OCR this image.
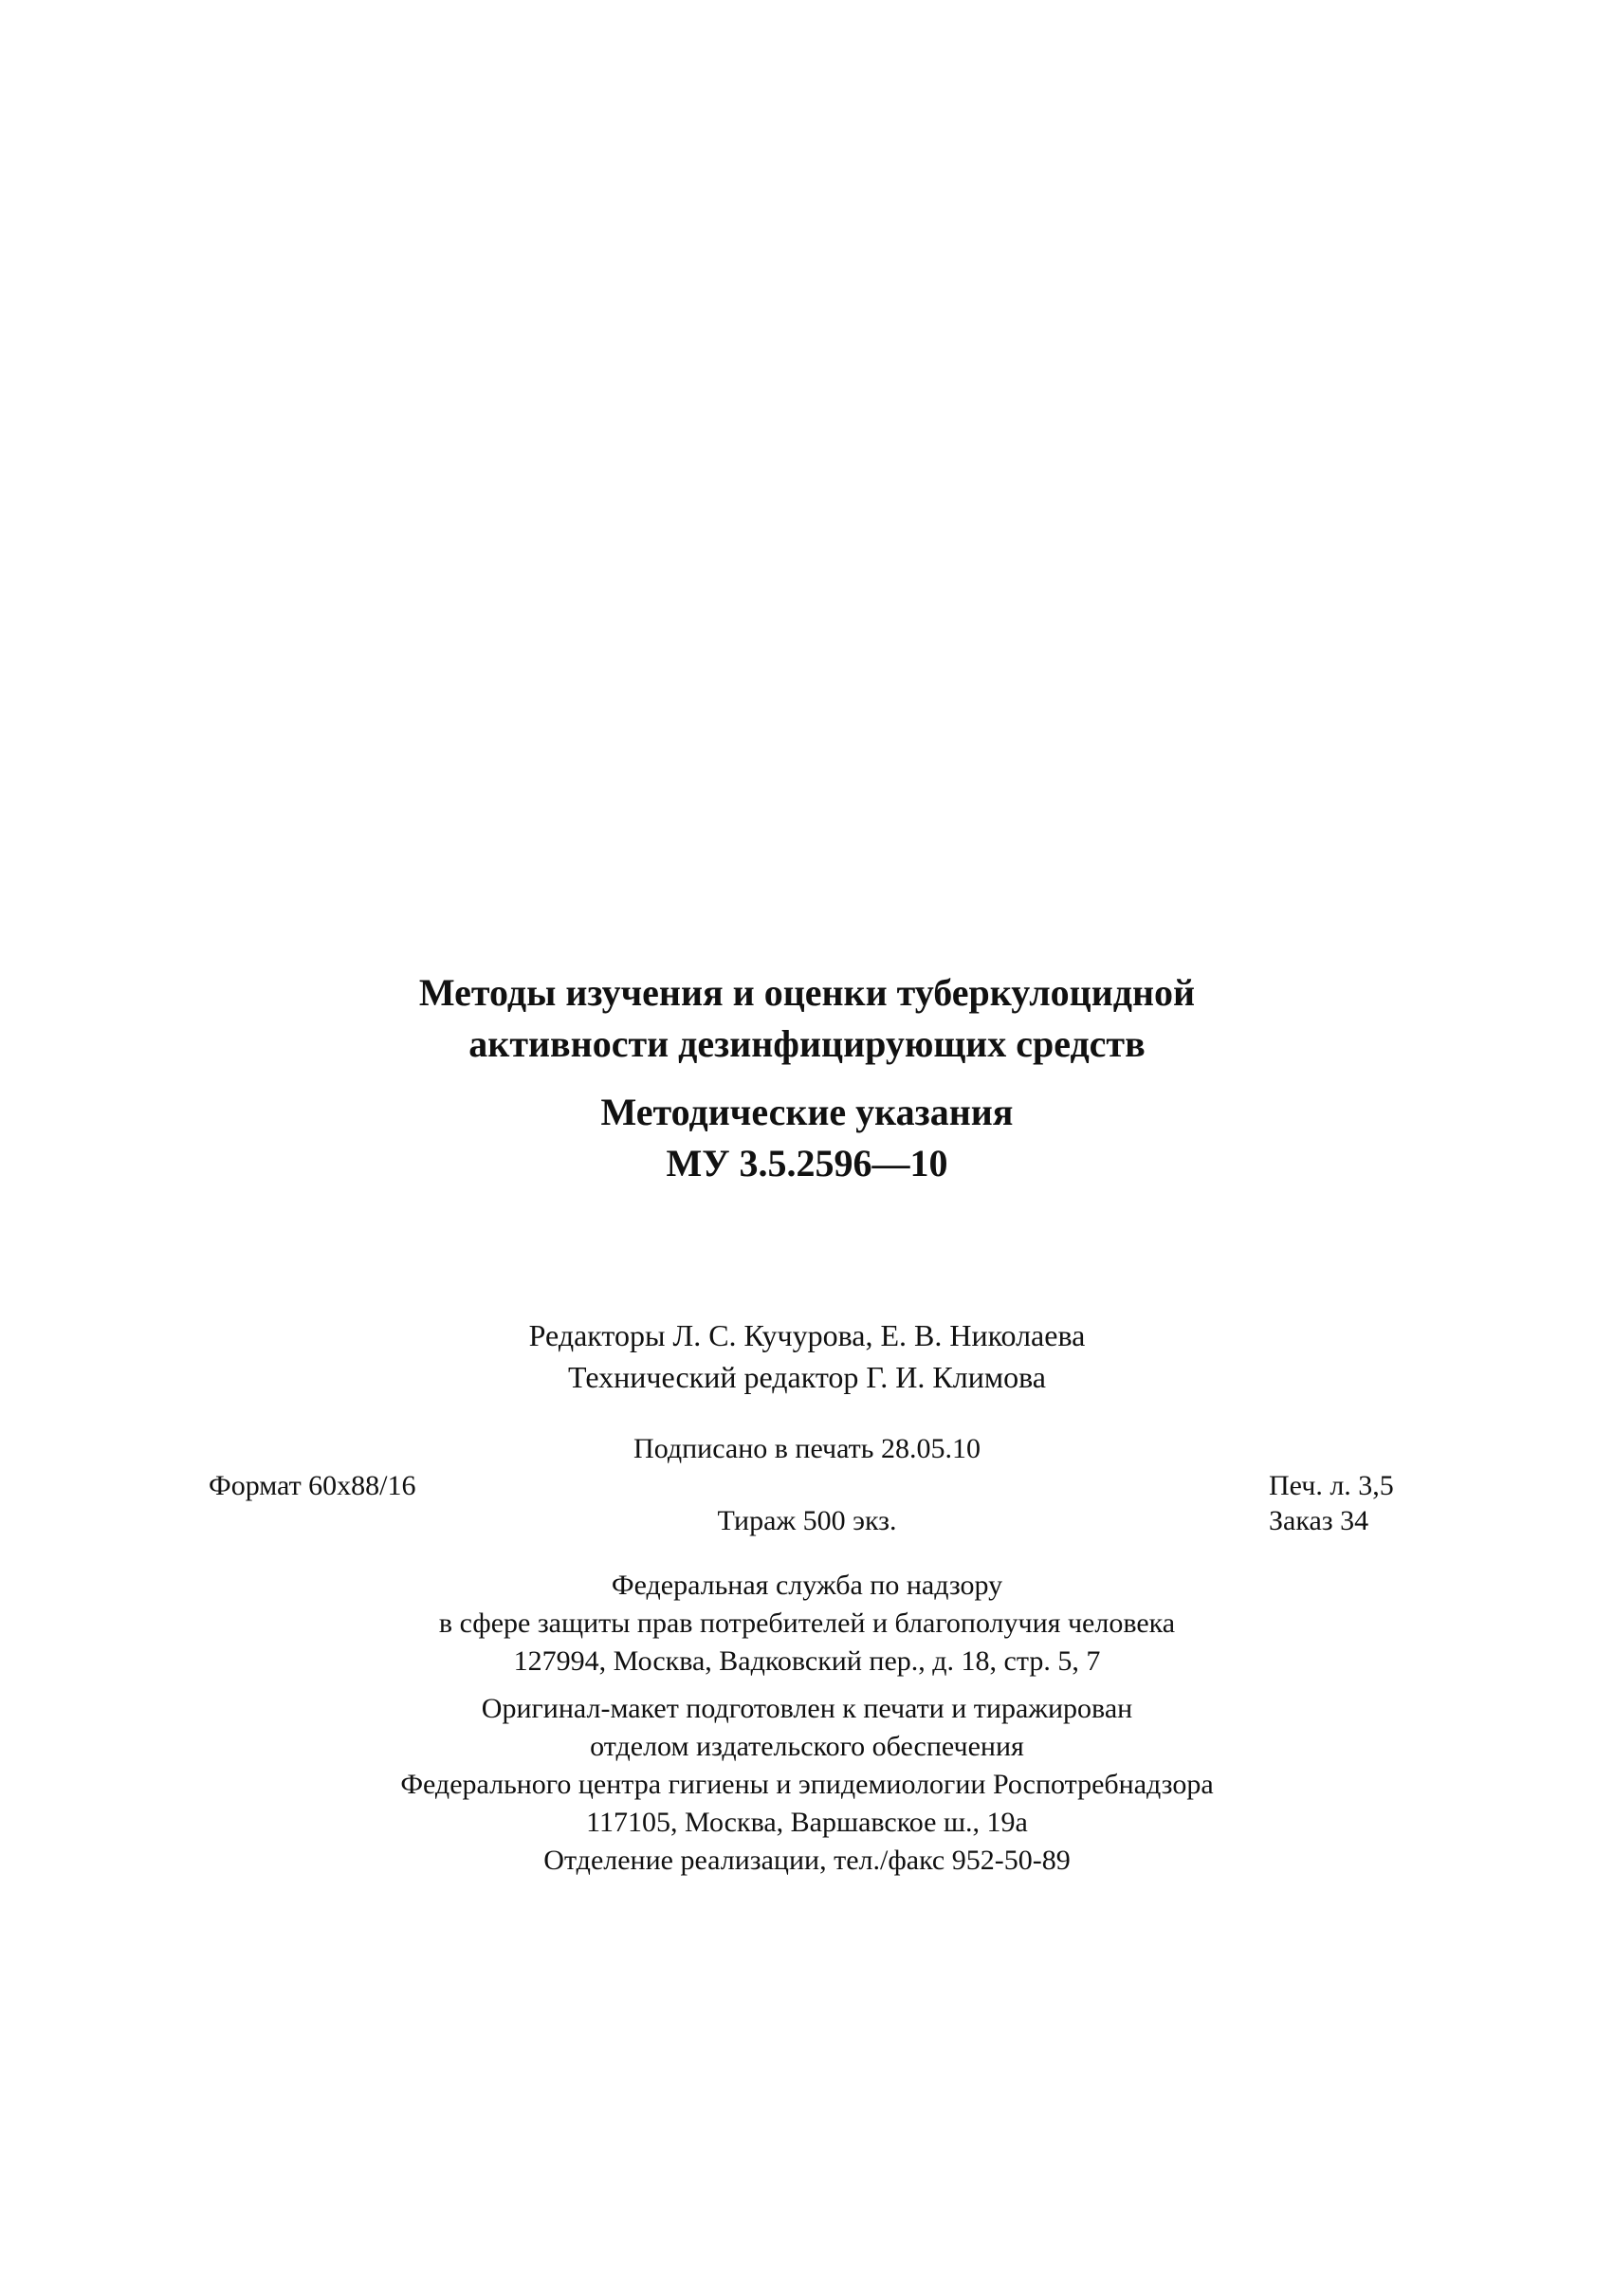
Методы изучения и оценки туберкулоцидной
активности дезинфицирующих средств
Методические указания
МУ 3.5.2596—10
Редакторы Л. С. Кучурова, Е. В. Николаева
Технический редактор Г. И. Климова
Подписано в печать 28.05.10
Формат 60x88/16	Печ. л. 3,5
Тираж 500 экз.	Заказ 34
Федеральная служба по надзору
в сфере защиты прав потребителей и благополучия человека
127994, Москва, Вадковский пер., д. 18, стр. 5, 7
Оригинал-макет подготовлен к печати и тиражирован
отделом издательского обеспечения
Федерального центра гигиены и эпидемиологии Роспотребнадзора
117105, Москва, Варшавское ш., 19а
Отделение реализации, тел./факс 952-50-89
